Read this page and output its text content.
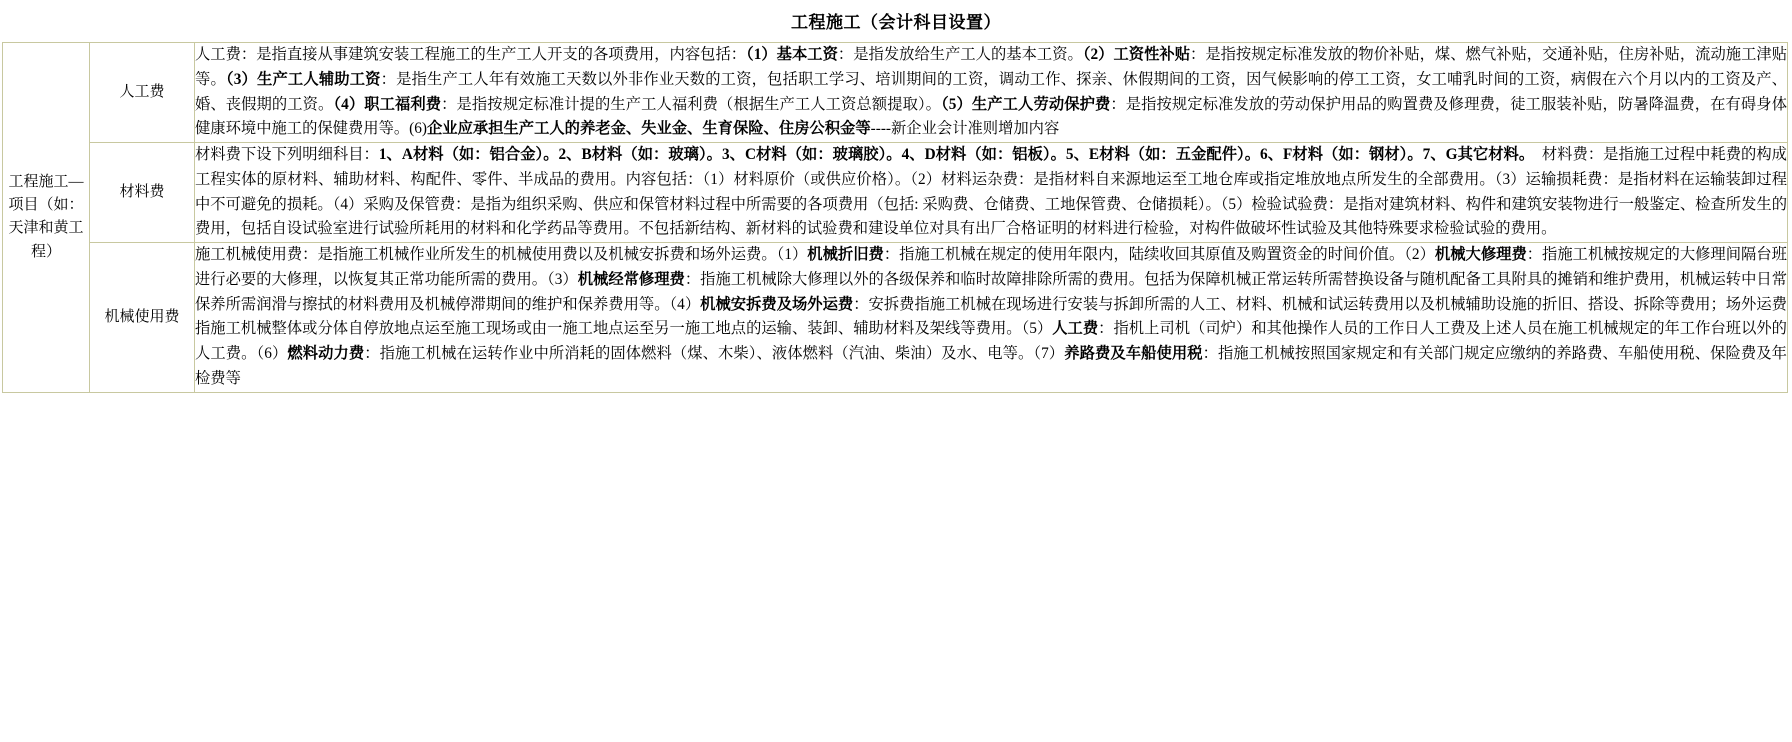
工程施工（会计科目设置）
工程施工—项目（如：天津和黄工程）	人工费	人工费：是指直接从事建筑安装工程施工的生产工人开支的各项费用，内容包括：（1）基本工资：是指发放给生产工人的基本工资。（2）工资性补贴：是指按规定标准发放的物价补贴，煤、燃气补贴，交通补贴，住房补贴，流动施工津贴等。（3）生产工人辅助工资：是指生产工人年有效施工天数以外非作业天数的工资，包括职工学习、培训期间的工资，调动工作、探亲、休假期间的工资，因气候影响的停工工资，女工哺乳时间的工资，病假在六个月以内的工资及产、婚、丧假期的工资。（4）职工福利费：是指按规定标准计提的生产工人福利费（根据生产工人工资总额提取）。（5）生产工人劳动保护费：是指按规定标准发放的劳动保护用品的购置费及修理费，徒工服装补贴，防暑降温费，在有碍身体健康环境中施工的保健费用等。(6)企业应承担生产工人的养老金、失业金、生育保险、住房公积金等----新企业会计准则增加内容

	材料费	材料费下设下列明细科目：1、A材料（如：铝合金）。2、B材料（如：玻璃）。3、C材料（如：玻璃胶）。4、D材料（如：铝板）。5、E材料（如：五金配件）。6、F材料（如：钢材）。7、G其它材料。　材料费：是指施工过程中耗费的构成工程实体的原材料、辅助材料、构配件、零件、半成品的费用。内容包括：（1）材料原价（或供应价格）。（2）材料运杂费：是指材料自来源地运至工地仓库或指定堆放地点所发生的全部费用。（3）运输损耗费：是指材料在运输装卸过程中不可避免的损耗。（4）采购及保管费：是指为组织采购、供应和保管材料过程中所需要的各项费用（包括: 采购费、仓储费、工地保管费、仓储损耗）。（5）检验试验费：是指对建筑材料、构件和建筑安装物进行一般鉴定、检查所发生的费用，包括自设试验室进行试验所耗用的材料和化学药品等费用。不包括新结构、新材料的试验费和建设单位对具有出厂合格证明的材料进行检验，对构件做破坏性试验及其他特殊要求检验试验的费用。

	机械使用费	施工机械使用费：是指施工机械作业所发生的机械使用费以及机械安拆费和场外运费。（1）机械折旧费：指施工机械在规定的使用年限内，陆续收回其原值及购置资金的时间价值。（2）机械大修理费：指施工机械按规定的大修理间隔台班进行必要的大修理，以恢复其正常功能所需的费用。（3）机械经常修理费：指施工机械除大修理以外的各级保养和临时故障排除所需的费用。包括为保障机械正常运转所需替换设备与随机配备工具附具的摊销和维护费用，机械运转中日常保养所需润滑与擦拭的材料费用及机械停滞期间的维护和保养费用等。（4）机械安拆费及场外运费：安拆费指施工机械在现场进行安装与拆卸所需的人工、材料、机械和试运转费用以及机械辅助设施的折旧、搭设、拆除等费用；场外运费指施工机械整体或分体自停放地点运至施工现场或由一施工地点运至另一施工地点的运输、装卸、辅助材料及架线等费用。（5）人工费：指机上司机（司炉）和其他操作人员的工作日人工费及上述人员在施工机械规定的年工作台班以外的人工费。（6）燃料动力费：指施工机械在运转作业中所消耗的固体燃料（煤、木柴）、液体燃料（汽油、柴油）及水、电等。（7）养路费及车船使用税：指施工机械按照国家规定和有关部门规定应缴纳的养路费、车船使用税、保险费及年检费等
